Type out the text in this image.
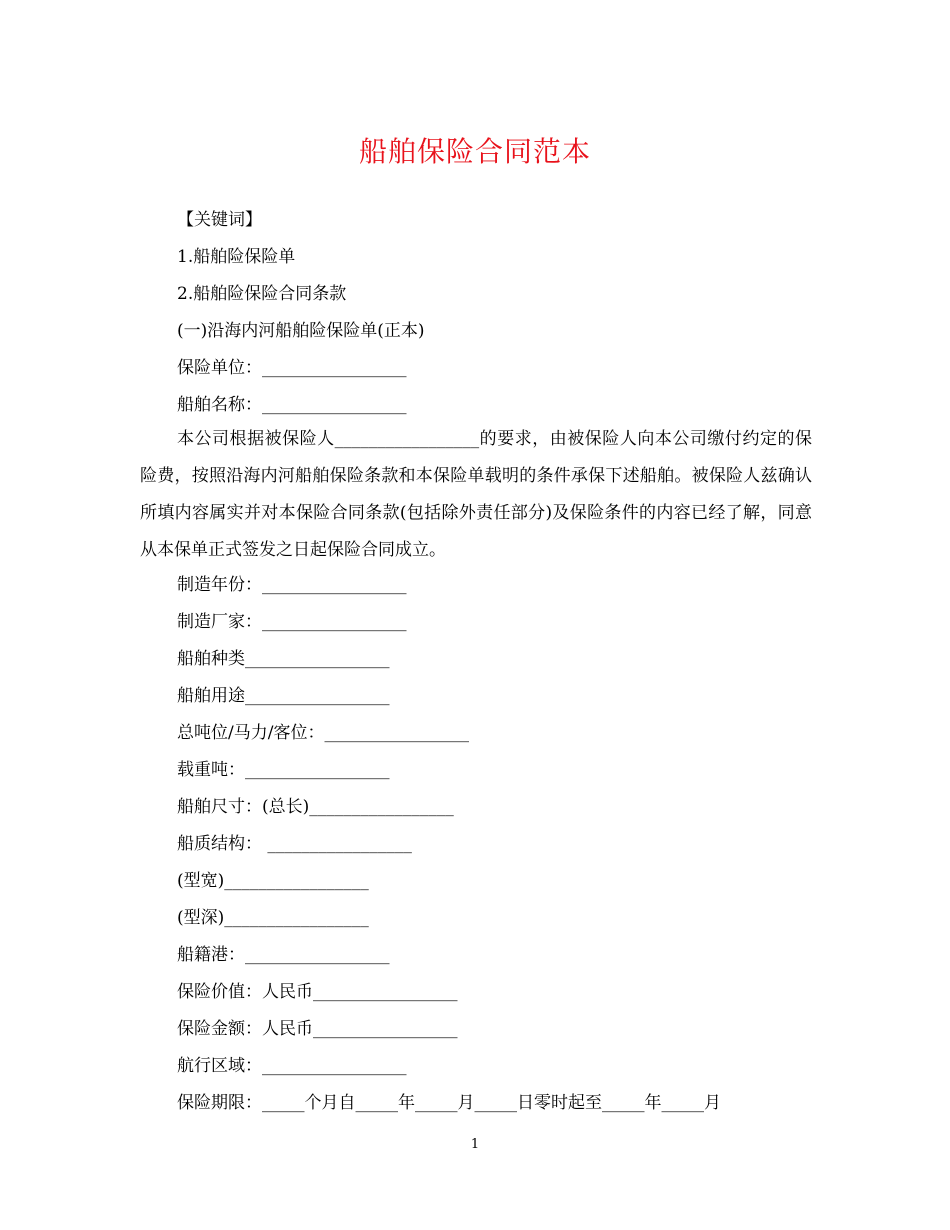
船舶保险合同范本
【关键词】
1.船舶险保险单
2.船舶险保险合同条款
(一)沿海内河船舶险保险单(正本)
保险单位：_________________
船舶名称：_________________
本公司根据被保险人_________________的要求，由被保险人向本公司缴付约定的保险费，按照沿海内河船舶保险条款和本保险单载明的条件承保下述船舶。被保险人兹确认所填内容属实并对本保险合同条款(包括除外责任部分)及保险条件的内容已经了解，同意从本保单正式签发之日起保险合同成立。
制造年份：_________________
制造厂家：_________________
船舶种类_________________
船舶用途_________________
总吨位/马力/客位：_________________
载重吨：_________________
船舶尺寸：(总长)_________________
船质结构： _________________
(型宽)_________________
(型深)_________________
船籍港：_________________
保险价值：人民币_________________
保险金额：人民币_________________
航行区域：_________________
保险期限：_____个月自_____年_____月_____日零时起至_____年_____月
1
